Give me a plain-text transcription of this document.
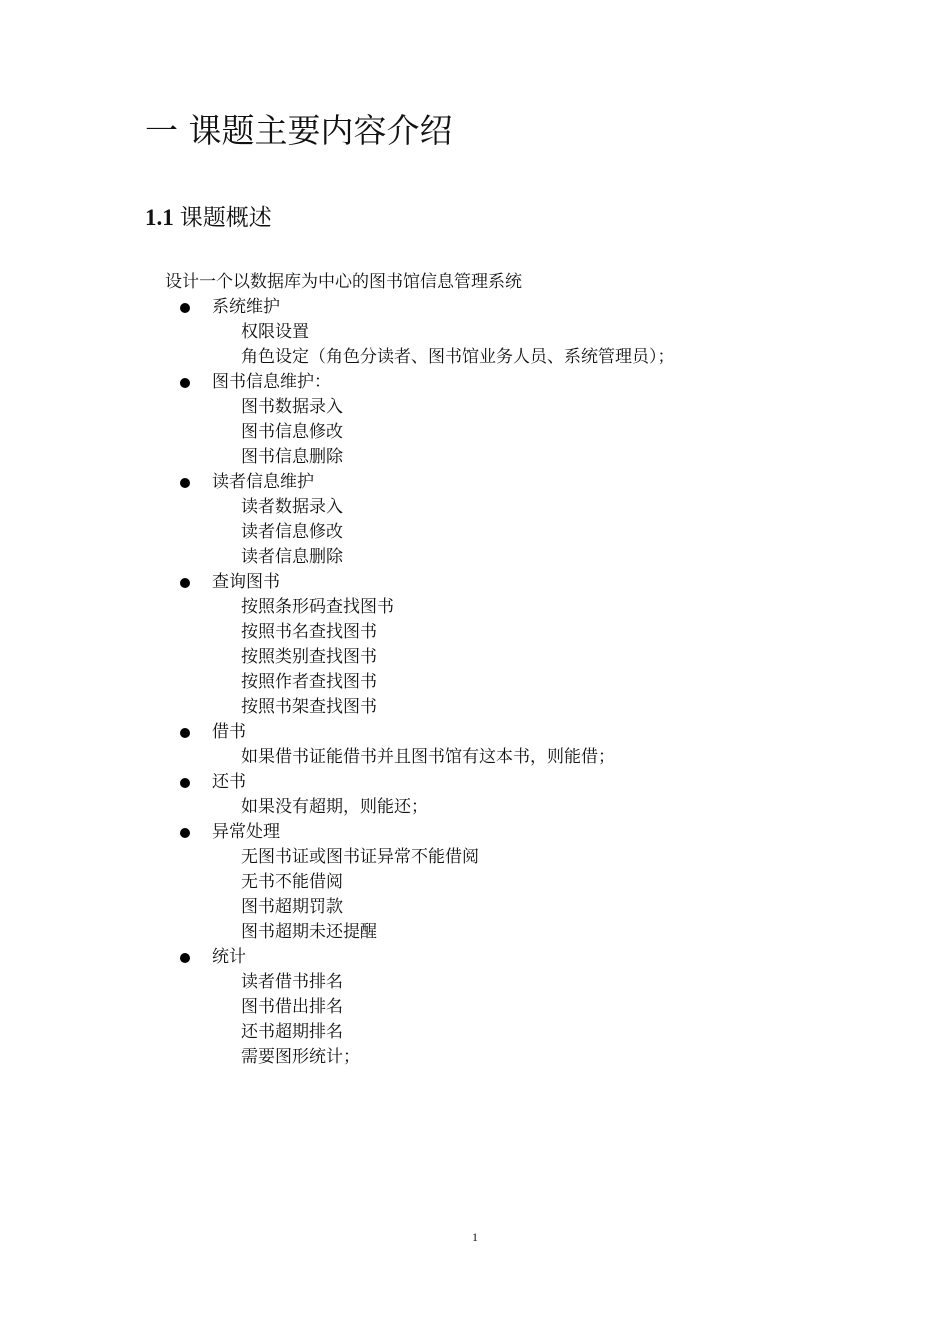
一 课题主要内容介绍
1.1 课题概述
设计一个以数据库为中心的图书馆信息管理系统
系统维护
权限设置
角色设定（角色分读者、图书馆业务人员、系统管理员）；
图书信息维护：
图书数据录入
图书信息修改
图书信息删除
读者信息维护
读者数据录入
读者信息修改
读者信息删除
查询图书
按照条形码查找图书
按照书名查找图书
按照类别查找图书
按照作者查找图书
按照书架查找图书
借书
如果借书证能借书并且图书馆有这本书，则能借；
还书
如果没有超期，则能还；
异常处理
无图书证或图书证异常不能借阅
无书不能借阅
图书超期罚款
图书超期未还提醒
统计
读者借书排名
图书借出排名
还书超期排名
需要图形统计；
1
